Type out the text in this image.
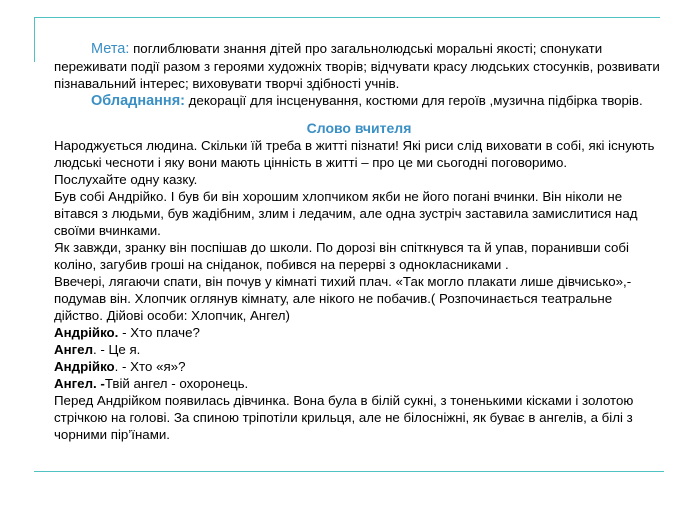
Мета: поглиблювати знання дітей про загальнолюдські моральні якості; спонукати переживати події разом з героями художніх творів; відчувати красу людських стосунків, розвивати пізнавальний інтерес; виховувати творчі здібності учнів.

Обладнання: декорації для інсценування, костюми для героїв ,музична підбірка творів.

Слово вчителя

Народжується людина. Скільки їй треба в житті пізнати! Які риси слід виховати в собі, які існують людські чесноти і яку вони мають цінність в житті – про це ми сьогодні поговоримо.

Послухайте одну казку.

Був собі Андрійко. І був би він хорошим хлопчиком якби не його погані вчинки. Він ніколи не вітався з людьми, був жадібним, злим і ледачим, але одна зустріч заставила замислитися над своїми вчинками.

Як завжди, зранку він поспішав до школи. По дорозі він спіткнувся та й упав, поранивши собі коліно, загубив гроші на сніданок, побився на перерві з однокласниками .

Ввечері, лягаючи спати, він почув у кімнаті тихий плач. «Так могло плакати лише дівчисько»,- подумав він. Хлопчик оглянув кімнату, але нікого не побачив.( Розпочинається театральне дійство. Дійові особи: Хлопчик, Ангел)

Андрійко. - Хто плаче?

Ангел. - Це я.

Андрійко. - Хто «я»?

Ангел. -Твій ангел - охоронець.

Перед Андрійком появилась дівчинка. Вона була в білій сукні, з тоненькими кісками і золотою стрічкою на голові. За спиною тріпотіли крильця, але не білосніжні, як буває в ангелів, а білі з чорними пір’їнами.
